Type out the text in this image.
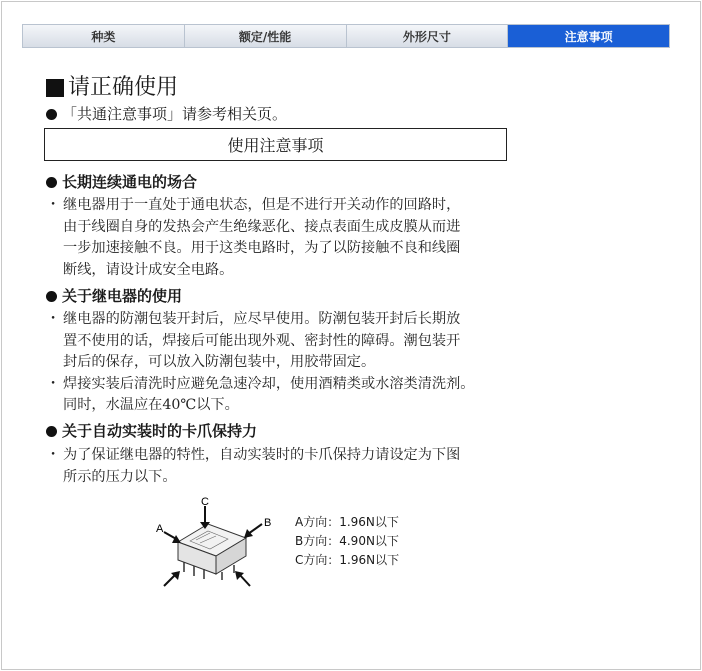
种类	额定/性能	外形尺寸	注意事项
请正确使用
「共通注意事项」请参考相关页。
使用注意事项
长期连续通电的场合
・ 继电器用于一直处于通电状态，但是不进行开关动作的回路时，
由于线圈自身的发热会产生绝缘恶化、接点表面生成皮膜从而进
一步加速接触不良。用于这类电路时，为了以防接触不良和线圈
断线，请设计成安全电路。
关于继电器的使用
・ 继电器的防潮包装开封后，应尽早使用。防潮包装开封后长期放
置不使用的话，焊接后可能出现外观、密封性的障碍。潮包装开
封后的保存，可以放入防潮包装中，用胶带固定。
・ 焊接实装后清洗时应避免急速冷却，使用酒精类或水溶类清洗剂。
同时，水温应在40℃以下。
关于自动实装时的卡爪保持力
・ 为了保证继电器的特性，自动实装时的卡爪保持力请设定为下图
所示的压力以下。
C
A	B A方向：1.96N以下
B方向：4.90N以下
C方向：1.96N以下
